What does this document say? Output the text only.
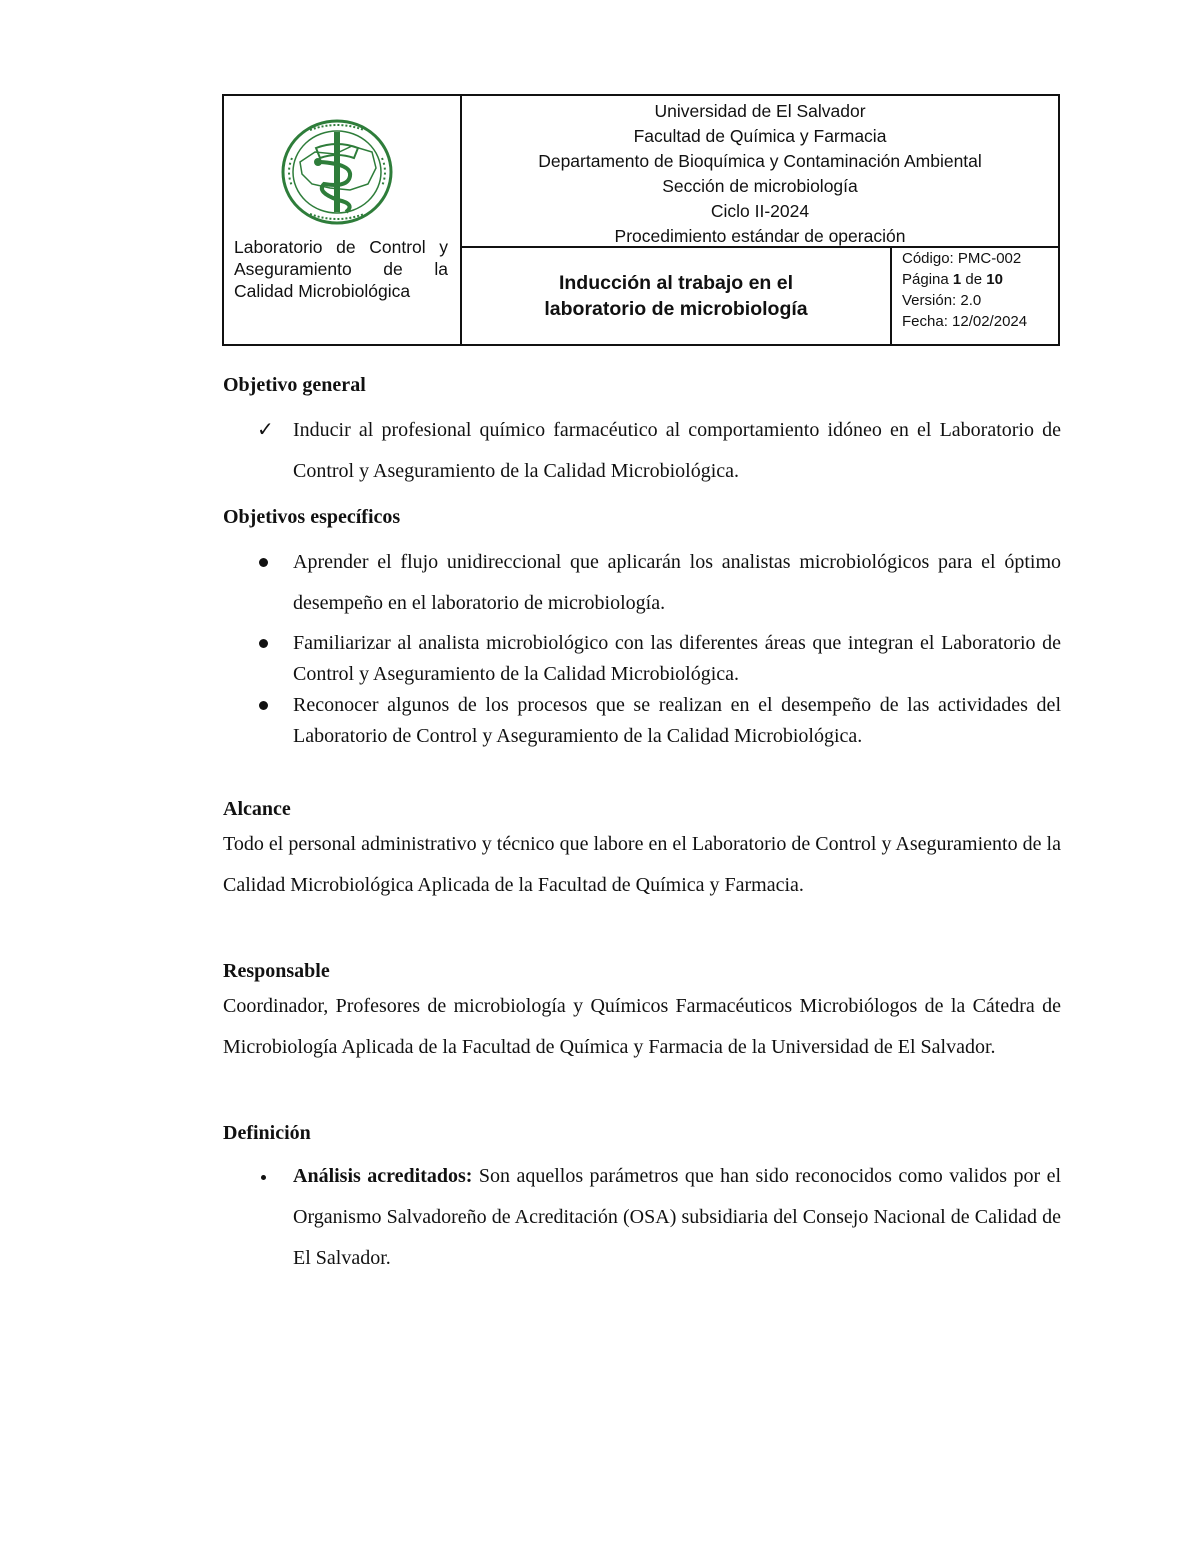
Laboratorio de Control y Aseguramiento de la Calidad Microbiológica
Universidad de El Salvador
Facultad de Química y Farmacia
Departamento de Bioquímica y Contaminación Ambiental
Sección de microbiología
Ciclo II-2024
Procedimiento estándar de operación
Inducción al trabajo en el
laboratorio de microbiología
Código: PMC-002
Página 1 de 10
Versión: 2.0
Fecha: 12/02/2024
Objetivo general
✓ Inducir al profesional químico farmacéutico al comportamiento idóneo en el Laboratorio de Control y Aseguramiento de la Calidad Microbiológica.
Objetivos específicos
Aprender el flujo unidireccional que aplicarán los analistas microbiológicos para el óptimo desempeño en el laboratorio de microbiología.
Familiarizar al analista microbiológico con las diferentes áreas que integran el Laboratorio de Control y Aseguramiento de la Calidad Microbiológica.
Reconocer algunos de los procesos que se realizan en el desempeño de las actividades del Laboratorio de Control y Aseguramiento de la Calidad Microbiológica.
Alcance
Todo el personal administrativo y técnico que labore en el Laboratorio de Control y Aseguramiento de la Calidad Microbiológica Aplicada de la Facultad de Química y Farmacia.
Responsable
Coordinador, Profesores de microbiología y Químicos Farmacéuticos Microbiólogos de la Cátedra de Microbiología Aplicada de la Facultad de Química y Farmacia de la Universidad de El Salvador.
Definición
Análisis acreditados: Son aquellos parámetros que han sido reconocidos como validos por el Organismo Salvadoreño de Acreditación (OSA) subsidiaria del Consejo Nacional de Calidad de El Salvador.
